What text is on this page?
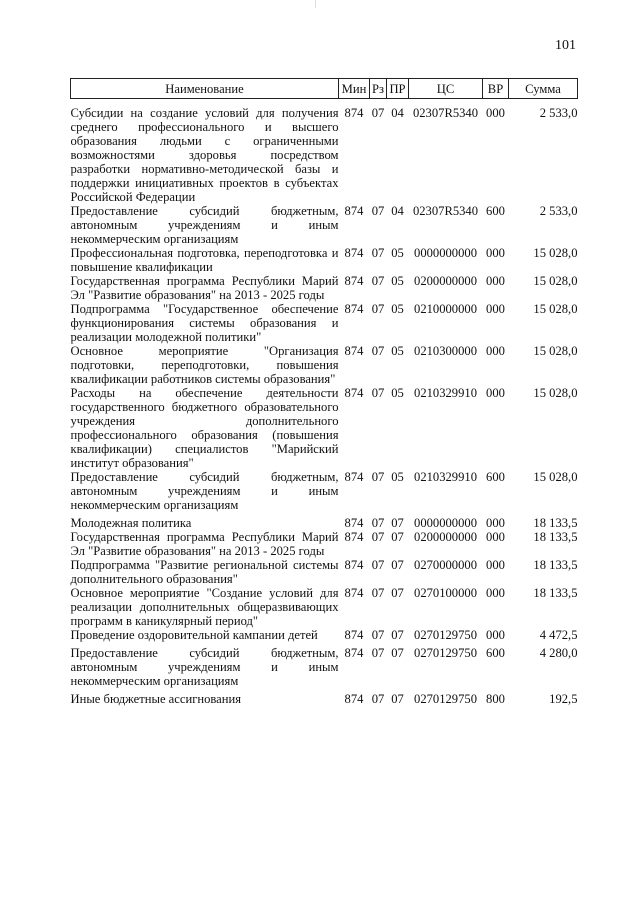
101
Наименование	Мин	Рз	ПР	ЦС	ВР	Сумма
Субсидии на создание условий для получения среднего профессионального и высшего образования людьми с ограниченными возможностями здоровья посредством разработки нормативно-методической базы и поддержки инициативных проектов в субъектах Российской Федерации	874	07	04	02307R5340	000	2 533,0
Предоставление субсидий бюджетным, автономным учреждениям и иным некоммерческим организациям	874	07	04	02307R5340	600	2 533,0
Профессиональная подготовка, переподготовка и повышение квалификации	874	07	05	0000000000	000	15 028,0
Государственная программа Республики Марий Эл "Развитие образования" на 2013 - 2025 годы	874	07	05	0200000000	000	15 028,0
Подпрограмма "Государственное обеспечение функционирования системы образования и реализации молодежной политики"	874	07	05	0210000000	000	15 028,0
Основное мероприятие "Организация подготовки, переподготовки, повышения квалификации работников системы образования"	874	07	05	0210300000	000	15 028,0
Расходы на обеспечение деятельности государственного бюджетного образовательного учреждения дополнительного профессионального образования (повышения квалификации) специалистов "Марийский институт образования"	874	07	05	0210329910	000	15 028,0
Предоставление субсидий бюджетным, автономным учреждениям и иным некоммерческим организациям	874	07	05	0210329910	600	15 028,0
Молодежная политика	874	07	07	0000000000	000	18 133,5
Государственная программа Республики Марий Эл "Развитие образования" на 2013 - 2025 годы	874	07	07	0200000000	000	18 133,5
Подпрограмма "Развитие региональной системы дополнительного образования"	874	07	07	0270000000	000	18 133,5
Основное мероприятие "Создание условий для реализации дополнительных общеразвивающих программ в каникулярный период"	874	07	07	0270100000	000	18 133,5
Проведение оздоровительной кампании детей	874	07	07	0270129750	000	4 472,5
Предоставление субсидий бюджетным, автономным учреждениям и иным некоммерческим организациям	874	07	07	0270129750	600	4 280,0
Иные бюджетные ассигнования	874	07	07	0270129750	800	192,5
